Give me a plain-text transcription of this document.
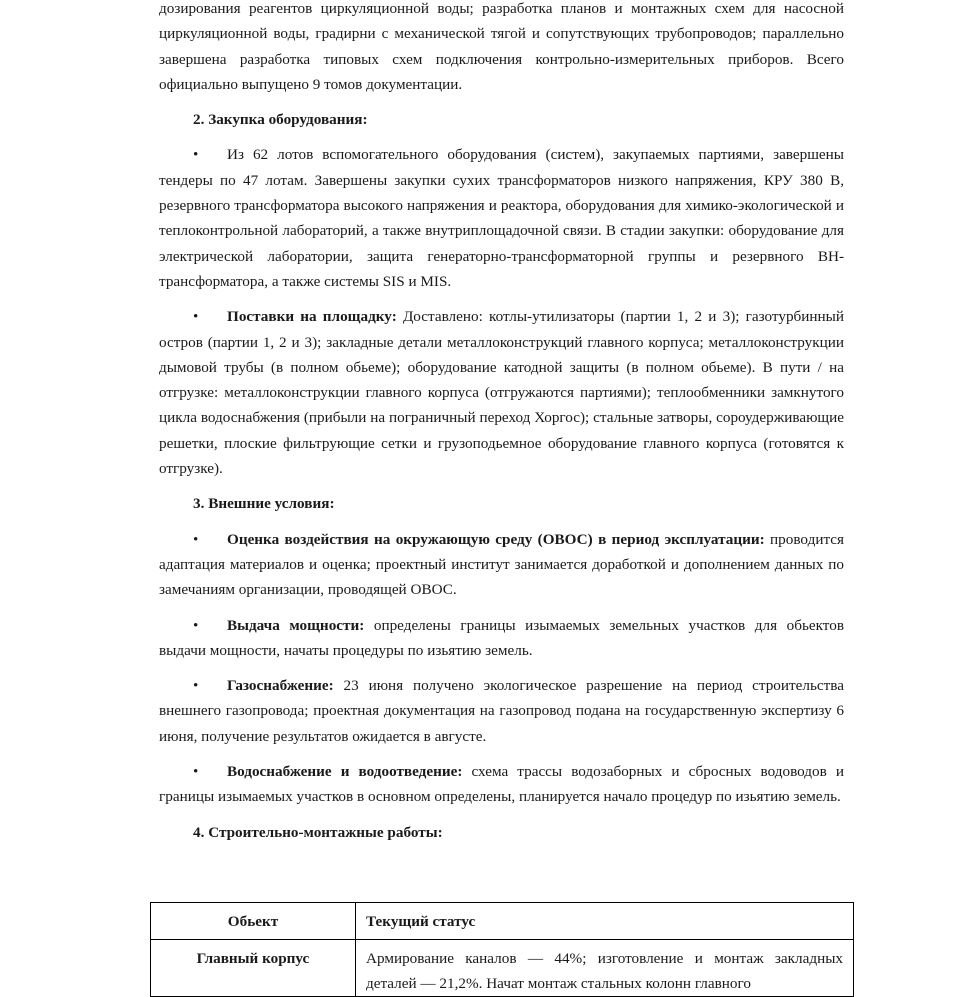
дозирования реагентов циркуляционной воды; разработка планов и монтажных схем для насосной циркуляционной воды, градирни с механической тягой и сопутствующих трубопроводов; параллельно завершена разработка типовых схем подключения контрольно-измерительных приборов. Всего официально выпущено 9 томов документации.

2. Закупка оборудования:

• Из 62 лотов вспомогательного оборудования (систем), закупаемых партиями, завершены тендеры по 47 лотам. Завершены закупки сухих трансформаторов низкого напряжения, КРУ 380 В, резервного трансформатора высокого напряжения и реактора, оборудования для химико-экологической и теплоконтрольной лабораторий, а также внутриплощадочной связи. В стадии закупки: оборудование для электрической лаборатории, защита генераторно-трансформаторной группы и резервного ВН-трансформатора, а также системы SIS и MIS.

• Поставки на площадку: Доставлено: котлы-утилизаторы (партии 1, 2 и 3); газотурбинный остров (партии 1, 2 и 3); закладные детали металлоконструкций главного корпуса; металлоконструкции дымовой трубы (в полном обьеме); оборудование катодной защиты (в полном обьеме). В пути / на отгрузке: металлоконструкции главного корпуса (отгружаются партиями); теплообменники замкнутого цикла водоснабжения (прибыли на пограничный переход Хоргос); стальные затворы, сороудерживающие решетки, плоские фильтрующие сетки и грузоподьемное оборудование главного корпуса (готовятся к отгрузке).

3. Внешние условия:

• Оценка воздействия на окружающую среду (ОВОС) в период эксплуатации: проводится адаптация материалов и оценка; проектный институт занимается доработкой и дополнением данных по замечаниям организации, проводящей ОВОС.

• Выдача мощности: определены границы изымаемых земельных участков для обьектов выдачи мощности, начаты процедуры по изьятию земель.

• Газоснабжение: 23 июня получено экологическое разрешение на период строительства внешнего газопровода; проектная документация на газопровод подана на государственную экспертизу 6 июня, получение результатов ожидается в августе.

• Водоснабжение и водоотведение: схема трассы водозаборных и сбросных водоводов и границы изымаемых участков в основном определены, планируется начало процедур по изьятию земель.

4. Строительно-монтажные работы:

Обьект	Текущий статус
Главный корпус	Армирование каналов — 44%; изготовление и монтаж закладных деталей — 21,2%. Начат монтаж стальных колонн главного
